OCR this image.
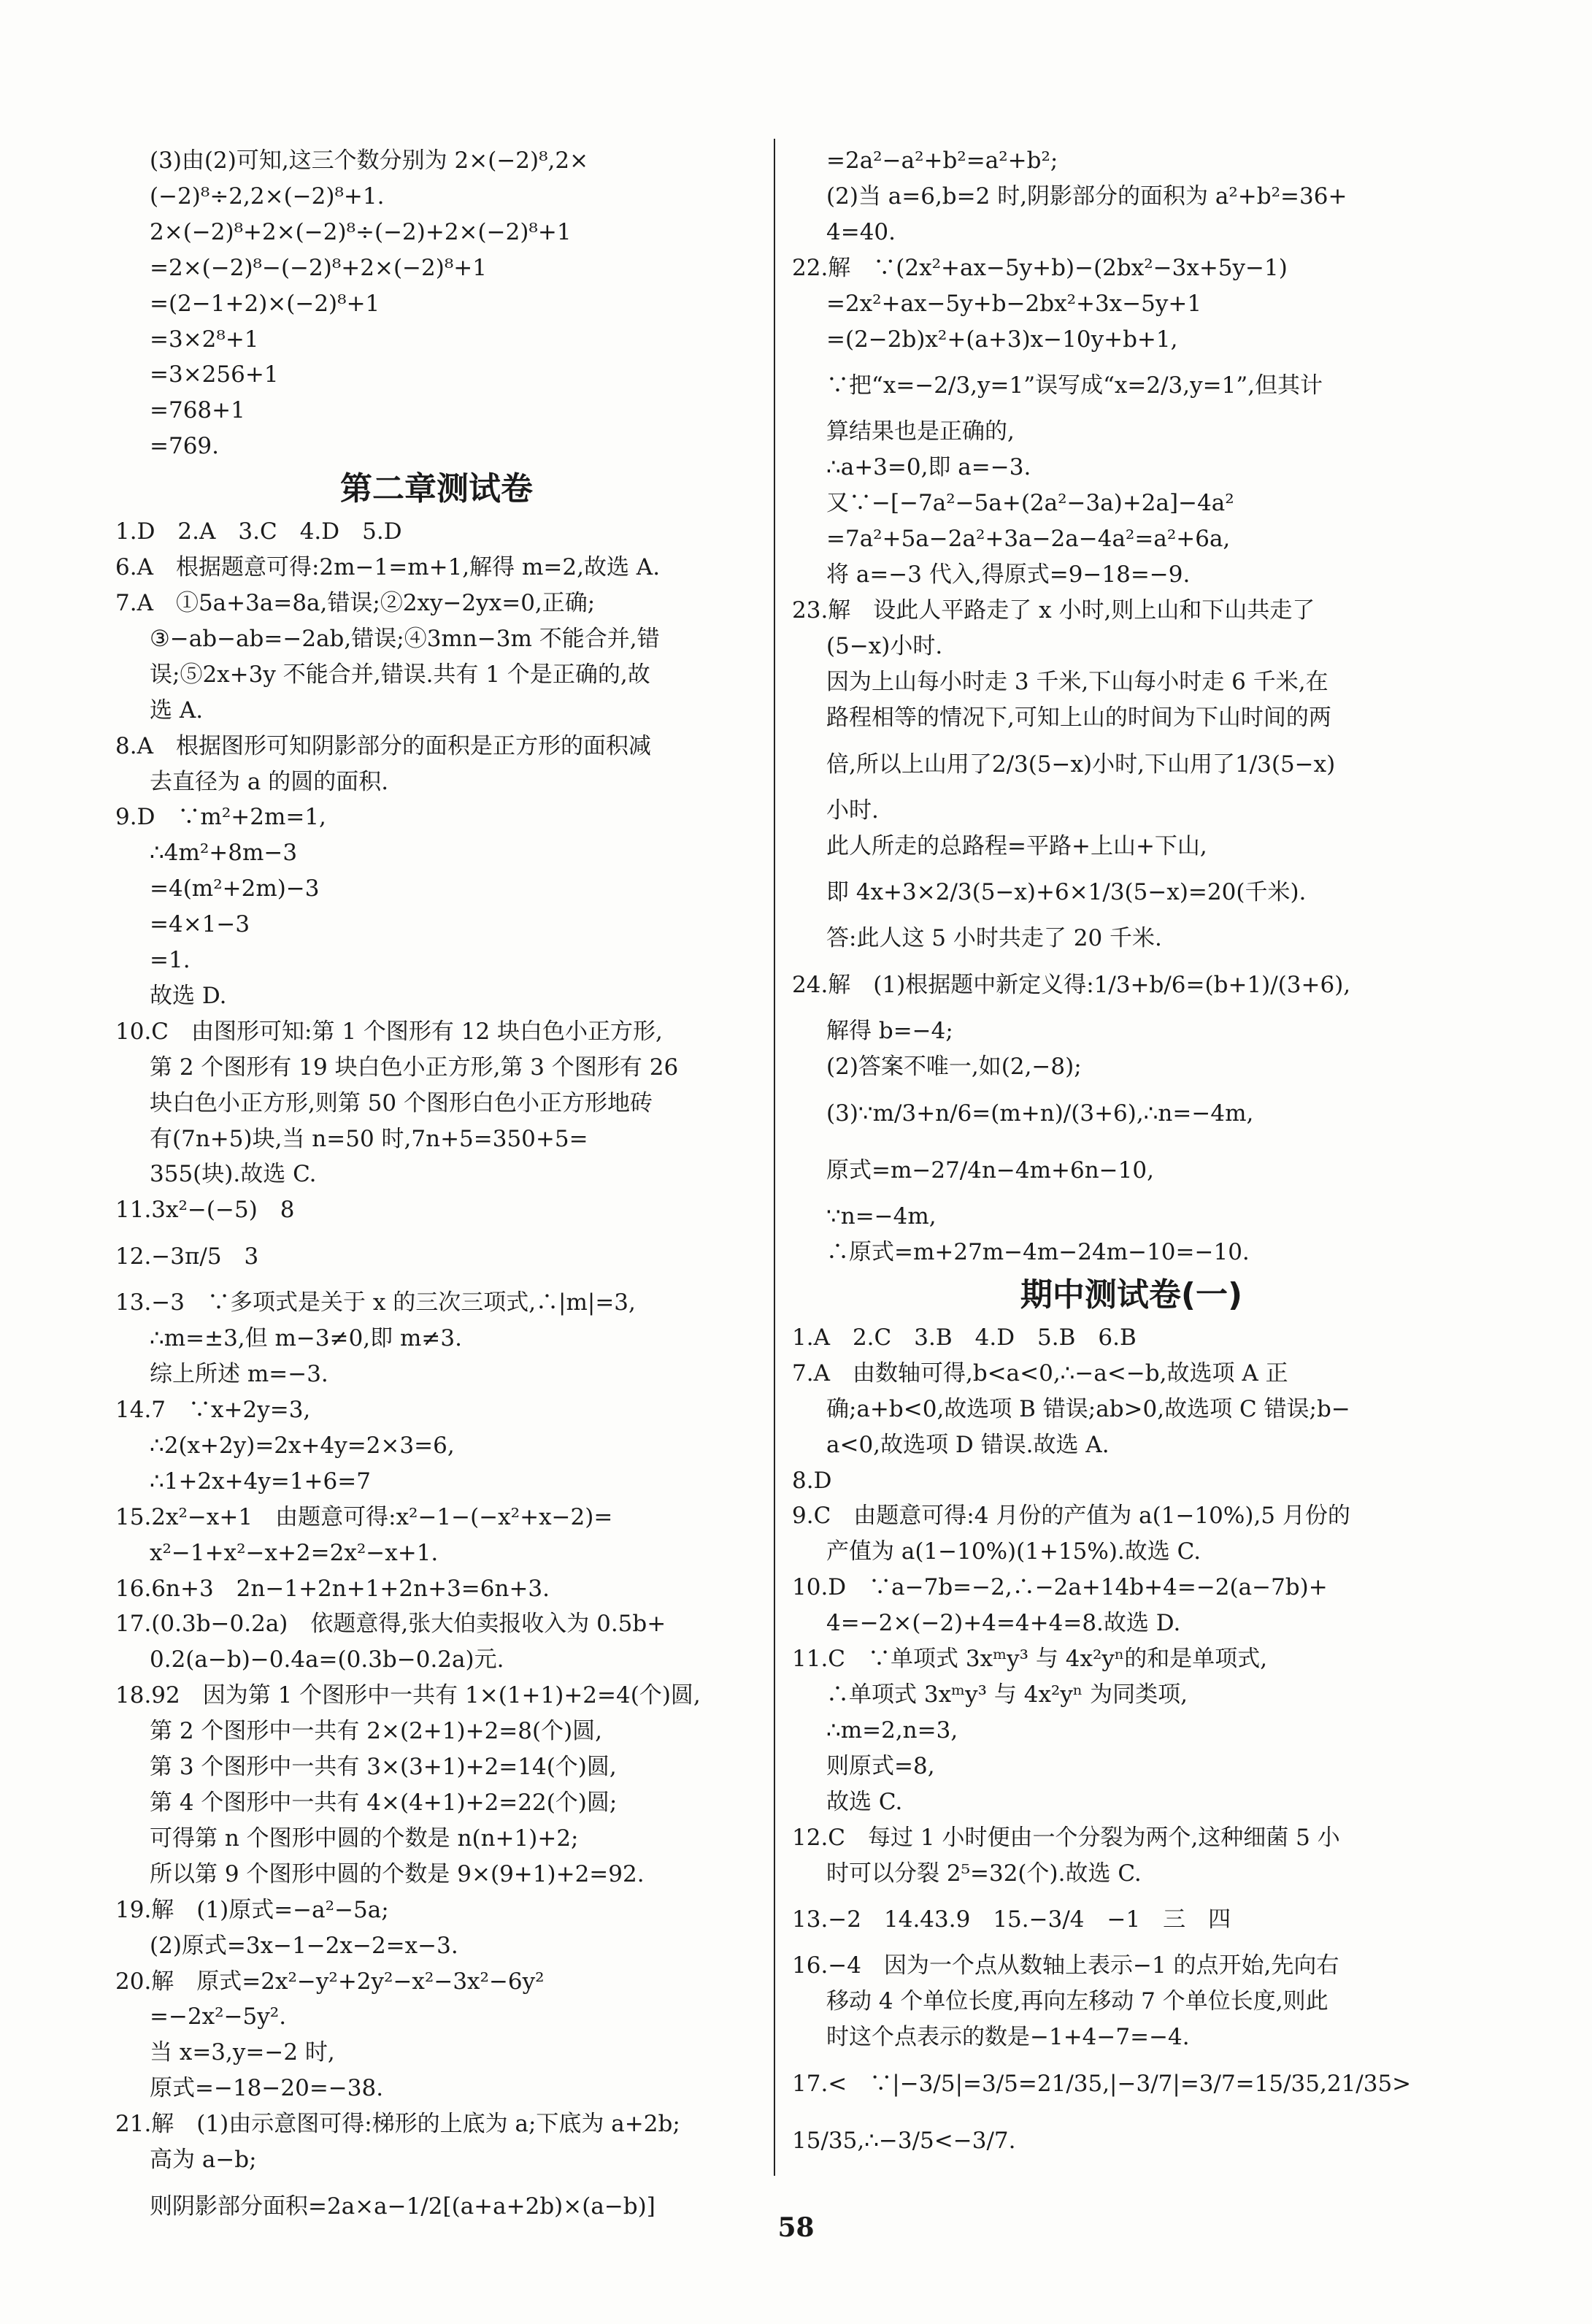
(3)由(2)可知,这三个数分别为 2×(−2)⁸,2×
(−2)⁸÷2,2×(−2)⁸+1.
2×(−2)⁸+2×(−2)⁸÷(−2)+2×(−2)⁸+1
=2×(−2)⁸−(−2)⁸+2×(−2)⁸+1
=(2−1+2)×(−2)⁸+1
=3×2⁸+1
=3×256+1
=768+1
=769.
第二章测试卷
1.D　2.A　3.C　4.D　5.D
6.A　根据题意可得:2m−1=m+1,解得 m=2,故选 A.
7.A　①5a+3a=8a,错误;②2xy−2yx=0,正确;
③−ab−ab=−2ab,错误;④3mn−3m 不能合并,错
误;⑤2x+3y 不能合并,错误.共有 1 个是正确的,故
选 A.
8.A　根据图形可知阴影部分的面积是正方形的面积减
去直径为 a 的圆的面积.
9.D　∵m²+2m=1,
∴4m²+8m−3
=4(m²+2m)−3
=4×1−3
=1.
故选 D.
10.C　由图形可知:第 1 个图形有 12 块白色小正方形,
第 2 个图形有 19 块白色小正方形,第 3 个图形有 26
块白色小正方形,则第 50 个图形白色小正方形地砖
有(7n+5)块,当 n=50 时,7n+5=350+5=
355(块).故选 C.
11.3x²−(−5)　8
12.−3π/5　3
13.−3　∵多项式是关于 x 的三次三项式,∴|m|=3,
∴m=±3,但 m−3≠0,即 m≠3.
综上所述 m=−3.
14.7　∵x+2y=3,
∴2(x+2y)=2x+4y=2×3=6,
∴1+2x+4y=1+6=7
15.2x²−x+1　由题意可得:x²−1−(−x²+x−2)=
x²−1+x²−x+2=2x²−x+1.
16.6n+3　2n−1+2n+1+2n+3=6n+3.
17.(0.3b−0.2a)　依题意得,张大伯卖报收入为 0.5b+
0.2(a−b)−0.4a=(0.3b−0.2a)元.
18.92　因为第 1 个图形中一共有 1×(1+1)+2=4(个)圆,
第 2 个图形中一共有 2×(2+1)+2=8(个)圆,
第 3 个图形中一共有 3×(3+1)+2=14(个)圆,
第 4 个图形中一共有 4×(4+1)+2=22(个)圆;
可得第 n 个图形中圆的个数是 n(n+1)+2;
所以第 9 个图形中圆的个数是 9×(9+1)+2=92.
19.解　(1)原式=−a²−5a;
(2)原式=3x−1−2x−2=x−3.
20.解　原式=2x²−y²+2y²−x²−3x²−6y²
=−2x²−5y².
当 x=3,y=−2 时,
原式=−18−20=−38.
21.解　(1)由示意图可得:梯形的上底为 a;下底为 a+2b;
高为 a−b;
则阴影部分面积=2a×a−1/2[(a+a+2b)×(a−b)]
=2a²−a²+b²=a²+b²;
(2)当 a=6,b=2 时,阴影部分的面积为 a²+b²=36+
4=40.
22.解　∵(2x²+ax−5y+b)−(2bx²−3x+5y−1)
=2x²+ax−5y+b−2bx²+3x−5y+1
=(2−2b)x²+(a+3)x−10y+b+1,
∵把“x=−2/3,y=1”误写成“x=2/3,y=1”,但其计
算结果也是正确的,
∴a+3=0,即 a=−3.
又∵−[−7a²−5a+(2a²−3a)+2a]−4a²
=7a²+5a−2a²+3a−2a−4a²=a²+6a,
将 a=−3 代入,得原式=9−18=−9.
23.解　设此人平路走了 x 小时,则上山和下山共走了
(5−x)小时.
因为上山每小时走 3 千米,下山每小时走 6 千米,在
路程相等的情况下,可知上山的时间为下山时间的两
倍,所以上山用了2/3(5−x)小时,下山用了1/3(5−x)
小时.
此人所走的总路程=平路+上山+下山,
即 4x+3×2/3(5−x)+6×1/3(5−x)=20(千米).
答:此人这 5 小时共走了 20 千米.
24.解　(1)根据题中新定义得:1/3+b/6=(b+1)/(3+6),
解得 b=−4;
(2)答案不唯一,如(2,−8);
(3)∵m/3+n/6=(m+n)/(3+6),∴n=−4m,
原式=m−27/4n−4m+6n−10,
∵n=−4m,
∴原式=m+27m−4m−24m−10=−10.
期中测试卷(一)
1.A　2.C　3.B　4.D　5.B　6.B
7.A　由数轴可得,b<a<0,∴−a<−b,故选项 A 正
确;a+b<0,故选项 B 错误;ab>0,故选项 C 错误;b−
a<0,故选项 D 错误.故选 A.
8.D
9.C　由题意可得:4 月份的产值为 a(1−10%),5 月份的
产值为 a(1−10%)(1+15%).故选 C.
10.D　∵a−7b=−2,∴−2a+14b+4=−2(a−7b)+
4=−2×(−2)+4=4+4=8.故选 D.
11.C　∵单项式 3xᵐy³ 与 4x²yⁿ的和是单项式,
∴单项式 3xᵐy³ 与 4x²yⁿ 为同类项,
∴m=2,n=3,
则原式=8,
故选 C.
12.C　每过 1 小时便由一个分裂为两个,这种细菌 5 小
时可以分裂 2⁵=32(个).故选 C.
13.−2　14.43.9　15.−3/4　−1　三　四
16.−4　因为一个点从数轴上表示−1 的点开始,先向右
移动 4 个单位长度,再向左移动 7 个单位长度,则此
时这个点表示的数是−1+4−7=−4.
17.<　∵|−3/5|=3/5=21/35,|−3/7|=3/7=15/35,21/35>
15/35,∴−3/5<−3/7.
58
